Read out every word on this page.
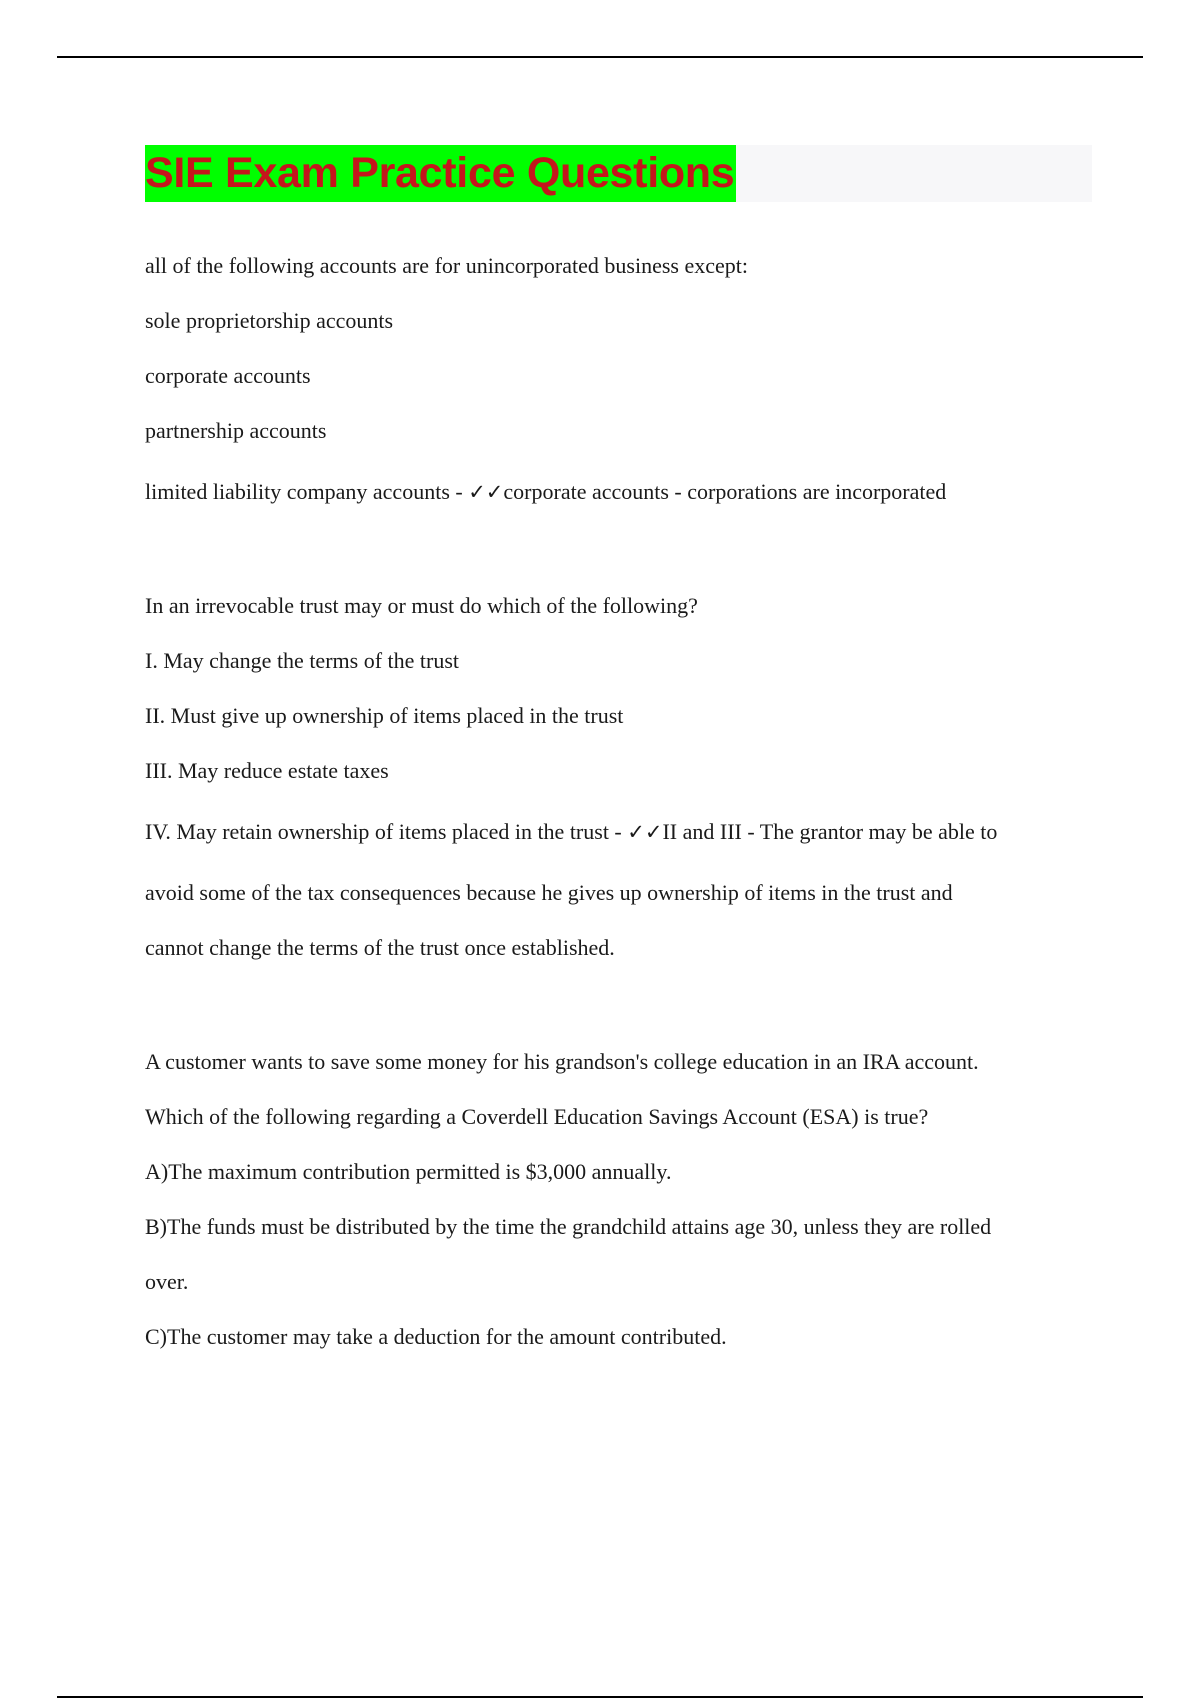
SIE Exam Practice Questions

all of the following accounts are for unincorporated business except:

sole proprietorship accounts

corporate accounts

partnership accounts

limited liability company accounts - ✓✓corporate accounts - corporations are incorporated

In an irrevocable trust may or must do which of the following?

I. May change the terms of the trust

II. Must give up ownership of items placed in the trust

III. May reduce estate taxes

IV. May retain ownership of items placed in the trust - ✓✓II and III - The grantor may be able to

avoid some of the tax consequences because he gives up ownership of items in the trust and

cannot change the terms of the trust once established.

A customer wants to save some money for his grandson's college education in an IRA account.

Which of the following regarding a Coverdell Education Savings Account (ESA) is true?

A)The maximum contribution permitted is $3,000 annually.

B)The funds must be distributed by the time the grandchild attains age 30, unless they are rolled

over.

C)The customer may take a deduction for the amount contributed.
